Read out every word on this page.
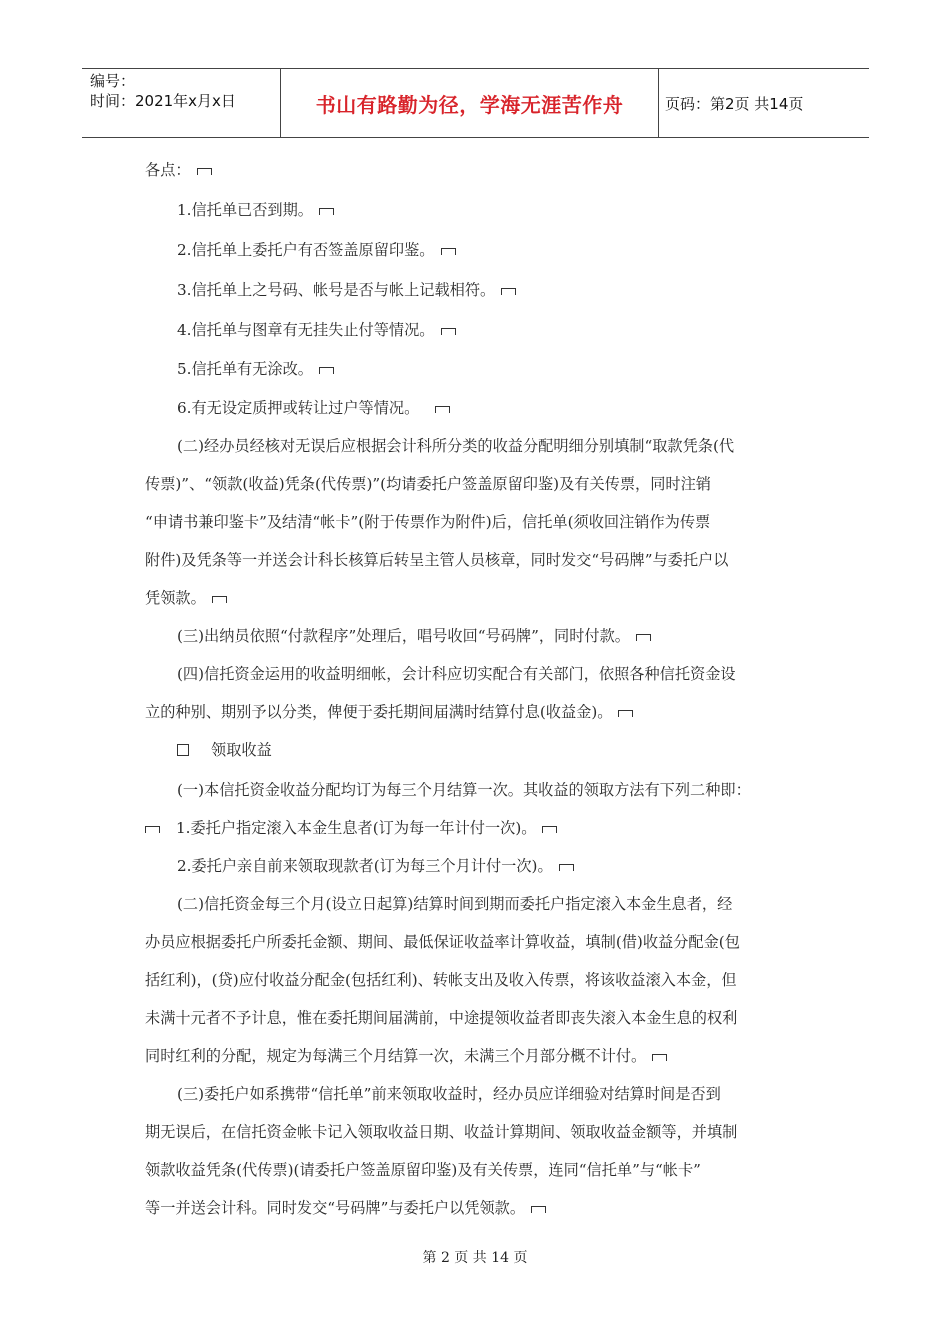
编号：
时间：2021年x月x日	书山有路勤为径，学海无涯苦作舟	页码：第2页 共14页
各点：
1.信托单已否到期。
2.信托单上委托户有否签盖原留印鉴。
3.信托单上之号码、帐号是否与帐上记载相符。
4.信托单与图章有无挂失止付等情况。
5.信托单有无涂改。
6.有无设定质押或转让过户等情况。
(二)经办员经核对无误后应根据会计科所分类的收益分配明细分别填制“取款凭条(代
传票)”、“领款(收益)凭条(代传票)”(均请委托户签盖原留印鉴)及有关传票，同时注销
“申请书兼印鉴卡”及结清“帐卡”(附于传票作为附件)后，信托单(须收回注销作为传票
附件)及凭条等一并送会计科长核算后转呈主管人员核章，同时发交“号码牌”与委托户以
凭领款。
(三)出纳员依照“付款程序”处理后，唱号收回“号码牌”，同时付款。
(四)信托资金运用的收益明细帐，会计科应切实配合有关部门，依照各种信托资金设
立的种别、期别予以分类，俾便于委托期间届满时结算付息(收益金)。
领取收益
(一)本信托资金收益分配均订为每三个月结算一次。其收益的领取方法有下列二种即：
1.委托户指定滚入本金生息者(订为每一年计付一次)。
2.委托户亲自前来领取现款者(订为每三个月计付一次)。
(二)信托资金每三个月(设立日起算)结算时间到期而委托户指定滚入本金生息者，经
办员应根据委托户所委托金额、期间、最低保证收益率计算收益，填制(借)收益分配金(包
括红利)，(贷)应付收益分配金(包括红利)、转帐支出及收入传票，将该收益滚入本金，但
未满十元者不予计息，惟在委托期间届满前，中途提领收益者即丧失滚入本金生息的权利
同时红利的分配，规定为每满三个月结算一次，未满三个月部分概不计付。
(三)委托户如系携带“信托单”前来领取收益时，经办员应详细验对结算时间是否到
期无误后，在信托资金帐卡记入领取收益日期、收益计算期间、领取收益金额等，并填制
领款收益凭条(代传票)(请委托户签盖原留印鉴)及有关传票，连同“信托单”与“帐卡”
等一并送会计科。同时发交“号码牌”与委托户以凭领款。
第 2 页 共 14 页
